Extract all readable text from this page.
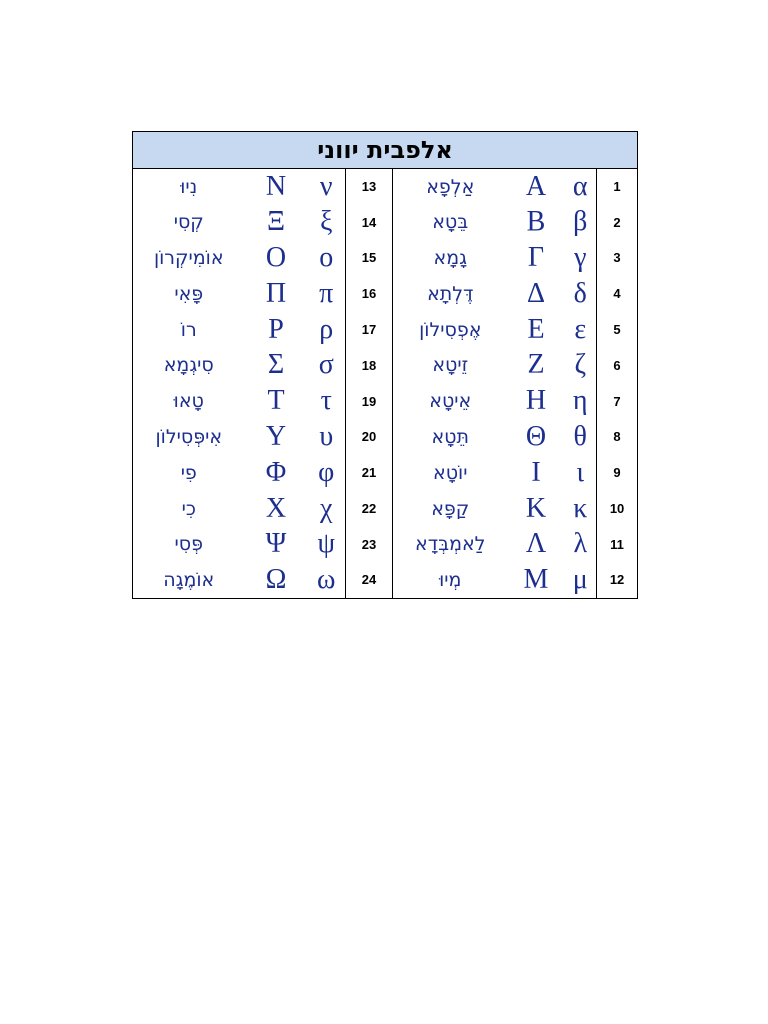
אלפבית יווני							
נִיוּ	Ν	ν	13	אַלְפָא	Α	α	1
קְסִי	Ξ	ξ	14	בֵּטָא	Β	β	2
אוֹמִיקְרוֹן	Ο	ο	15	גָמָא	Γ	γ	3
פָּאִי	Π	π	16	דֶּלְתָא	Δ	δ	4
רוֹ	Ρ	ρ	17	אֶפְסִילוֹן	Ε	ε	5
סִיגְמָא	Σ	σ	18	זֵיטָא	Ζ	ζ	6
טָאוּ	Τ	τ	19	אֵיטָא	Η	η	7
אִיפְּסִילוֹן	Υ	υ	20	תֵּטָא	Θ	θ	8
פִי	Φ	φ	21	יוֹטָא	Ι	ι	9
כִי	Χ	χ	22	קַפָּא	Κ	κ	10
פְּסִי	Ψ	ψ	23	לַאמְבְּדָא	Λ	λ	11
אוֹמֶגָה	Ω	ω	24	מְיוּ	Μ	μ	12
